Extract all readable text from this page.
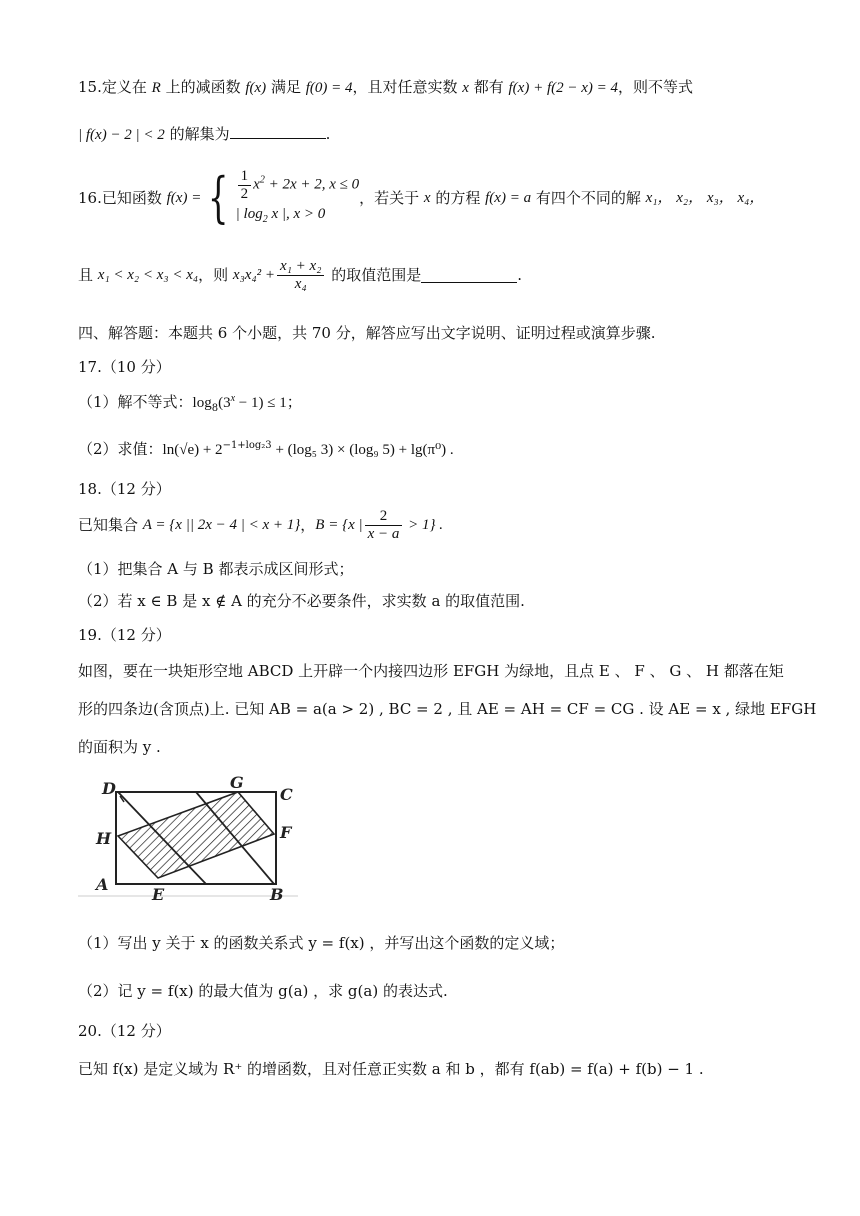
15.定义在 R 上的减函数 f(x) 满足 f(0) = 4，且对任意实数 x 都有 f(x) + f(2 − x) = 4，则不等式
| f(x) − 2 | < 2 的解集为	.
16.已知函数 f(x) = { $\frac{1}{2} x^2 + 2x + 2$, x ≤ 0
| $\log_2 x$ |, x > 0
，若关于 x 的方程 f(x) = a 有四个不同的解 x₁， x₂， x₃， x₄，
且 x₁ < x₂ < x₃ < x₄，则 $x_3x_4^2 + \frac{\text{x₁ + x₂}}{\text{x₄}}$ 的取值范围是	.
四、解答题：本题共 6 个小题，共 70 分，解答应写出文字说明、证明过程或演算步骤.
17.（10 分）
（1）解不等式：$\log_8(3^x - 1) \le 1$；
（2）求值：$\ln(√e) + 2^{-1+log_23} + (\log_5$ 3) × (log₉ 5) + lg(π⁰) .
18.（12 分）
已知集合 A = {x || 2x − 4 | < x + 1}，B = {x | $\frac{2}{x - a} > 1$} .
（1）把集合 A 与 B 都表示成区间形式；
（2）若 x ∈ B 是 x ∉ A 的充分不必要条件，求实数 a 的取值范围.
19.（12 分）
如图，要在一块矩形空地 ABCD 上开辟一个内接四边形 EFGH 为绿地，且点 E 、 F 、 G 、 H 都落在矩
形的四条边(含顶点)上. 已知 AB = a(a > 2) , BC = 2 , 且 AE = AH = CF = CG . 设 AE = x , 绿地 EFGH
的面积为 y .
D	G
C
H	F
A
E	B
（1）写出 y 关于 x 的函数关系式 y = f(x) ，并写出这个函数的定义域；
（2）记 y = f(x) 的最大值为 g(a) ，求 g(a) 的表达式.
20.（12 分）
已知 f(x) 是定义域为 R⁺ 的增函数，且对任意正实数 a 和 b ，都有 f(ab) = f(a) + f(b) − 1 .
